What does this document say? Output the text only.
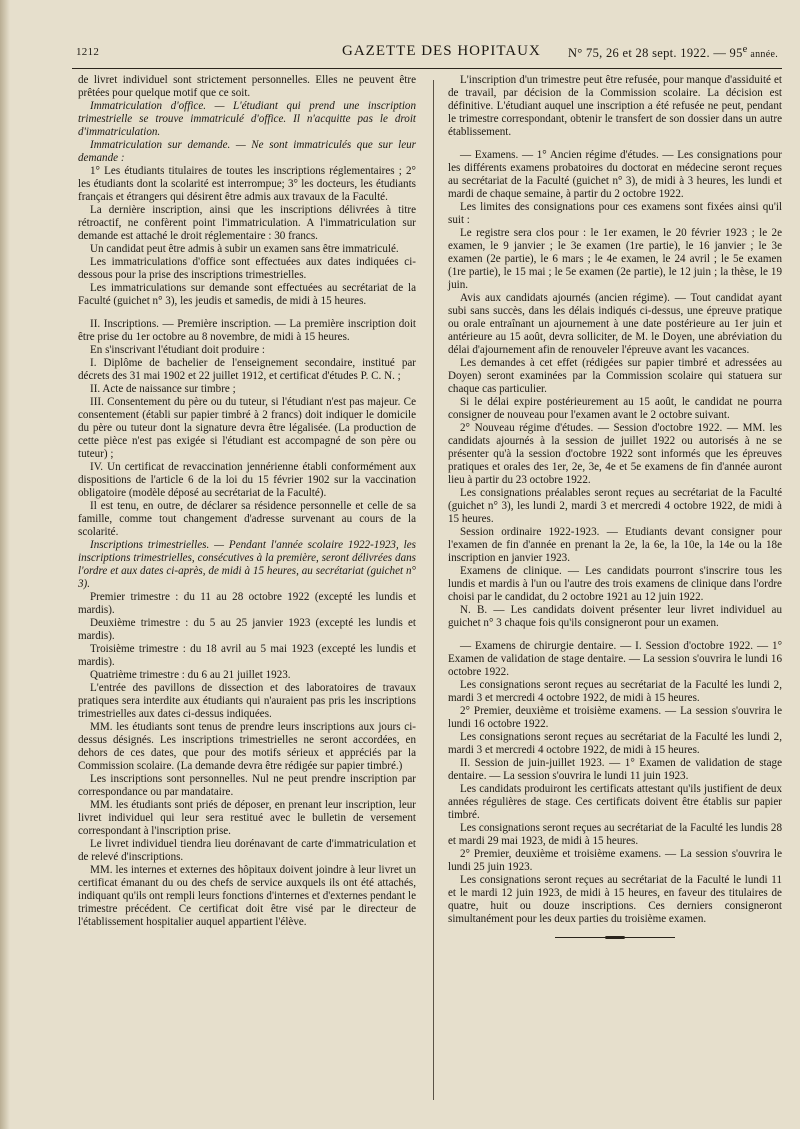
1212	GAZETTE DES HOPITAUX N° 75, 26 et 28 sept. 1922. — 95e année.

de livret individuel sont strictement personnelles. Elles ne peuvent être prêtées pour quelque motif que ce soit.

Immatriculation d'office. — L'étudiant qui prend une inscription trimestrielle se trouve immatriculé d'office. Il n'acquitte pas le droit d'immatriculation.

Immatriculation sur demande. — Ne sont immatriculés que sur leur demande :

1° Les étudiants titulaires de toutes les inscriptions réglementaires ; 2° les étudiants dont la scolarité est interrompue; 3° les docteurs, les étudiants français et étrangers qui désirent être admis aux travaux de la Faculté.

La dernière inscription, ainsi que les inscriptions délivrées à titre rétroactif, ne confèrent point l'immatriculation. A l'immatriculation sur demande est attaché le droit réglementaire : 30 francs.

Un candidat peut être admis à subir un examen sans être immatriculé.

Les immatriculations d'office sont effectuées aux dates indiquées ci-dessous pour la prise des inscriptions trimestrielles.

Les immatriculations sur demande sont effectuées au secrétariat de la Faculté (guichet n° 3), les jeudis et samedis, de midi à 15 heures.

II. Inscriptions. — Première inscription. — La première inscription doit être prise du 1er octobre au 8 novembre, de midi à 15 heures.

En s'inscrivant l'étudiant doit produire :

I. Diplôme de bachelier de l'enseignement secondaire, institué par décrets des 31 mai 1902 et 22 juillet 1912, et certificat d'études P. C. N. ;

II. Acte de naissance sur timbre ;

III. Consentement du père ou du tuteur, si l'étudiant n'est pas majeur. Ce consentement (établi sur papier timbré à 2 francs) doit indiquer le domicile du père ou tuteur dont la signature devra être légalisée. (La production de cette pièce n'est pas exigée si l'étudiant est accompagné de son père ou tuteur) ;

IV. Un certificat de revaccination jennérienne établi conformément aux dispositions de l'article 6 de la loi du 15 février 1902 sur la vaccination obligatoire (modèle déposé au secrétariat de la Faculté).

Il est tenu, en outre, de déclarer sa résidence personnelle et celle de sa famille, comme tout changement d'adresse survenant au cours de la scolarité.

Inscriptions trimestrielles. — Pendant l'année scolaire 1922-1923, les inscriptions trimestrielles, consécutives à la première, seront délivrées dans l'ordre et aux dates ci-après, de midi à 15 heures, au secrétariat (guichet n° 3).

Premier trimestre : du 11 au 28 octobre 1922 (excepté les lundis et mardis).

Deuxième trimestre : du 5 au 25 janvier 1923 (excepté les lundis et mardis).

Troisième trimestre : du 18 avril au 5 mai 1923 (excepté les lundis et mardis).

Quatrième trimestre : du 6 au 21 juillet 1923.

L'entrée des pavillons de dissection et des laboratoires de travaux pratiques sera interdite aux étudiants qui n'auraient pas pris les inscriptions trimestrielles aux dates ci-dessus indiquées.

MM. les étudiants sont tenus de prendre leurs inscriptions aux jours ci-dessus désignés. Les inscriptions trimestrielles ne seront accordées, en dehors de ces dates, que pour des motifs sérieux et appréciés par la Commission scolaire. (La demande devra être rédigée sur papier timbré.)

Les inscriptions sont personnelles. Nul ne peut prendre inscription par correspondance ou par mandataire.

MM. les étudiants sont priés de déposer, en prenant leur inscription, leur livret individuel qui leur sera restitué avec le bulletin de versement correspondant à l'inscription prise.

Le livret individuel tiendra lieu dorénavant de carte d'immatriculation et de relevé d'inscriptions.

MM. les internes et externes des hôpitaux doivent joindre à leur livret un certificat émanant du ou des chefs de service auxquels ils ont été attachés, indiquant qu'ils ont rempli leurs fonctions d'internes et d'externes pendant le trimestre précédent. Ce certificat doit être visé par le directeur de l'établissement hospitalier auquel appartient l'élève.

L'inscription d'un trimestre peut être refusée, pour manque d'assiduité et de travail, par décision de la Commission scolaire. La décision est définitive. L'étudiant auquel une inscription a été refusée ne peut, pendant le trimestre correspondant, obtenir le transfert de son dossier dans un autre établissement.

— Examens. — 1° Ancien régime d'études. — Les consignations pour les différents examens probatoires du doctorat en médecine seront reçues au secrétariat de la Faculté (guichet n° 3), de midi à 3 heures, les lundi et mardi de chaque semaine, à partir du 2 octobre 1922.

Les limites des consignations pour ces examens sont fixées ainsi qu'il suit :

Le registre sera clos pour : le 1er examen, le 20 février 1923 ; le 2e examen, le 9 janvier ; le 3e examen (1re partie), le 16 janvier ; le 3e examen (2e partie), le 6 mars ; le 4e examen, le 24 avril ; le 5e examen (1re partie), le 15 mai ; le 5e examen (2e partie), le 12 juin ; la thèse, le 19 juin.

Avis aux candidats ajournés (ancien régime). — Tout candidat ayant subi sans succès, dans les délais indiqués ci-dessus, une épreuve pratique ou orale entraînant un ajournement à une date postérieure au 1er juin et antérieure au 15 août, devra solliciter, de M. le Doyen, une abréviation du délai d'ajournement afin de renouveler l'épreuve avant les vacances.

Les demandes à cet effet (rédigées sur papier timbré et adressées au Doyen) seront examinées par la Commission scolaire qui statuera sur chaque cas particulier.

Si le délai expire postérieurement au 15 août, le candidat ne pourra consigner de nouveau pour l'examen avant le 2 octobre suivant.

2° Nouveau régime d'études. — Session d'octobre 1922. — MM. les candidats ajournés à la session de juillet 1922 ou autorisés à ne se présenter qu'à la session d'octobre 1922 sont informés que les épreuves pratiques et orales des 1er, 2e, 3e, 4e et 5e examens de fin d'année auront lieu à partir du 23 octobre 1922.

Les consignations préalables seront reçues au secrétariat de la Faculté (guichet n° 3), les lundi 2, mardi 3 et mercredi 4 octobre 1922, de midi à 15 heures.

Session ordinaire 1922-1923. — Etudiants devant consigner pour l'examen de fin d'année en prenant la 2e, la 6e, la 10e, la 14e ou la 18e inscription en janvier 1923.

Examens de clinique. — Les candidats pourront s'inscrire tous les lundis et mardis à l'un ou l'autre des trois examens de clinique dans l'ordre choisi par le candidat, du 2 octobre 1921 au 12 juin 1922.

N. B. — Les candidats doivent présenter leur livret individuel au guichet n° 3 chaque fois qu'ils consigneront pour un examen.

— Examens de chirurgie dentaire. — I. Session d'octobre 1922. — 1° Examen de validation de stage dentaire. — La session s'ouvrira le lundi 16 octobre 1922.

Les consignations seront reçues au secrétariat de la Faculté les lundi 2, mardi 3 et mercredi 4 octobre 1922, de midi à 15 heures.

2° Premier, deuxième et troisième examens. — La session s'ouvrira le lundi 16 octobre 1922.

Les consignations seront reçues au secrétariat de la Faculté les lundi 2, mardi 3 et mercredi 4 octobre 1922, de midi à 15 heures.

II. Session de juin-juillet 1923. — 1° Examen de validation de stage dentaire. — La session s'ouvrira le lundi 11 juin 1923.

Les candidats produiront les certificats attestant qu'ils justifient de deux années régulières de stage. Ces certificats doivent être établis sur papier timbré.

Les consignations seront reçues au secrétariat de la Faculté les lundis 28 et mardi 29 mai 1923, de midi à 15 heures.

2° Premier, deuxième et troisième examens. — La session s'ouvrira le lundi 25 juin 1923.

Les consignations seront reçues au secrétariat de la Faculté le lundi 11 et le mardi 12 juin 1923, de midi à 15 heures, en faveur des titulaires de quatre, huit ou douze inscriptions. Ces derniers consigneront simultanément pour les deux parties du troisième examen.
